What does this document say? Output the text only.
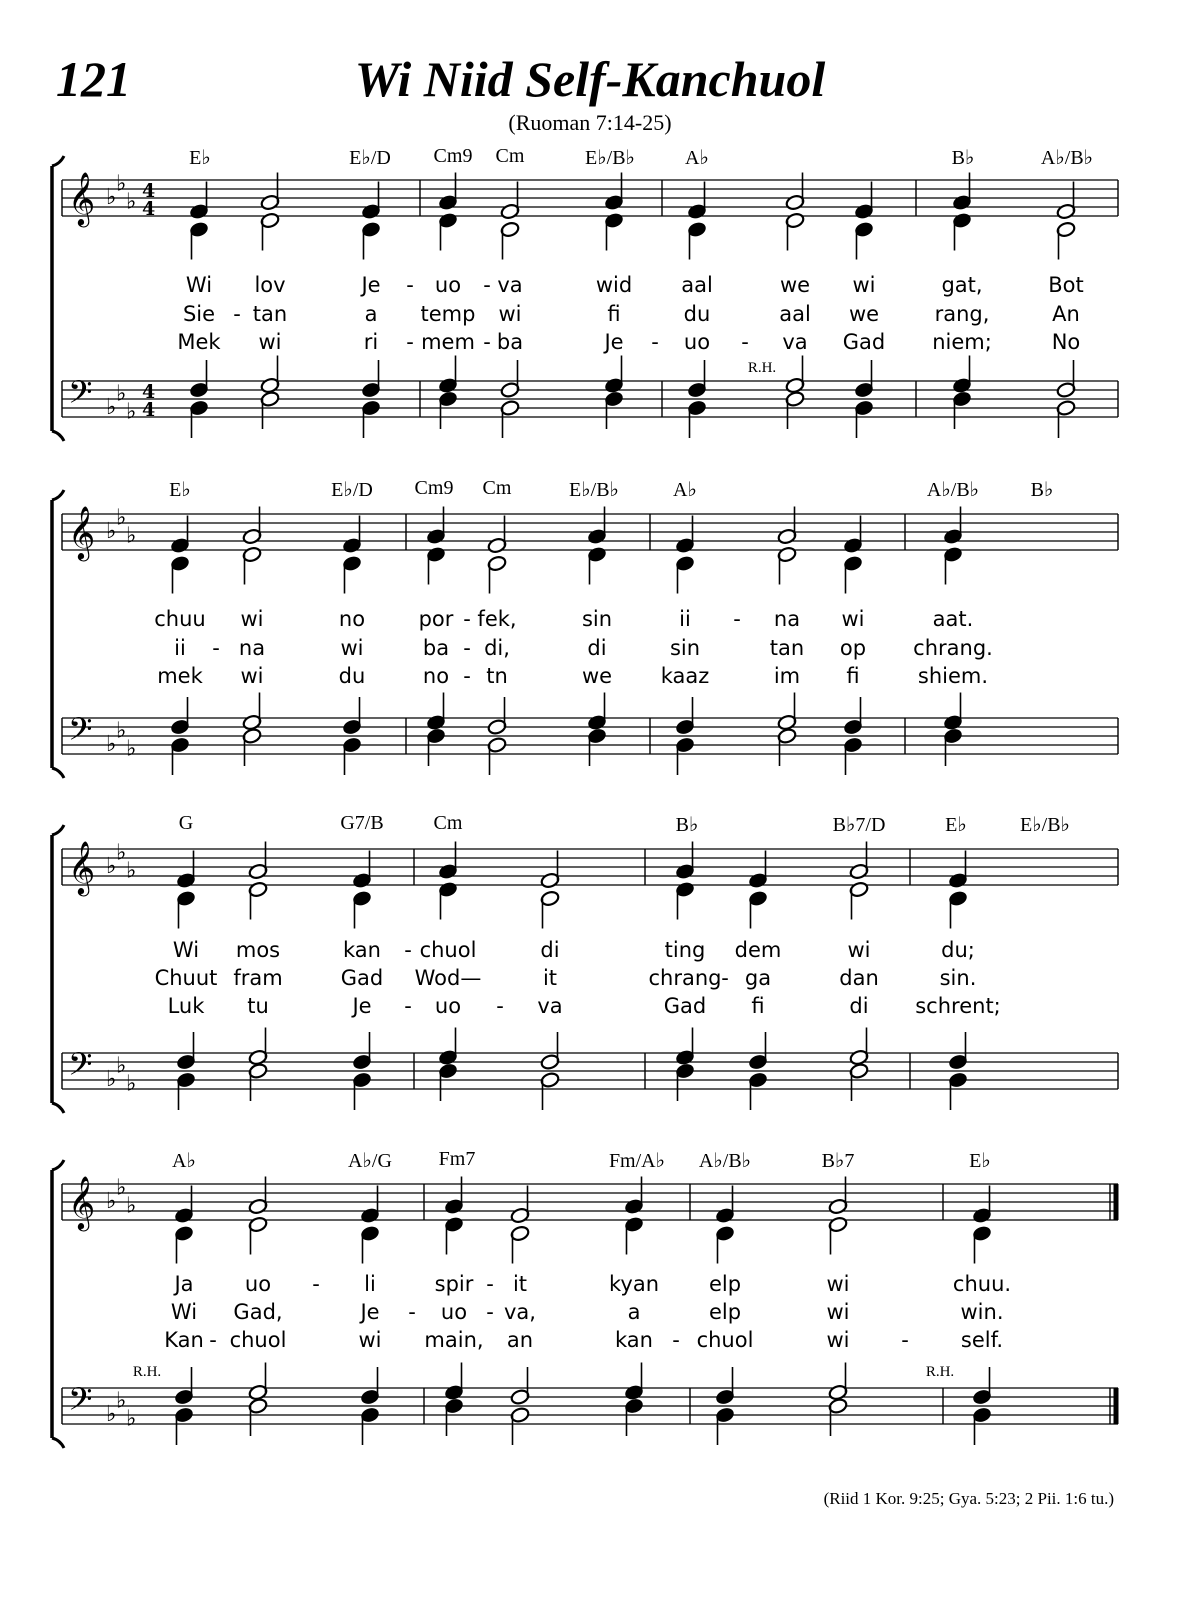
121	Wi Niid Self-Kanchuol
(Ruoman 7:14-25)
𝄞 ♭
♭
♭ 4
4
𝄢 ♭
♭
♭
4
4
𝄞 ♭
♭
♭
𝄢 ♭
♭
♭
𝄞 ♭
♭
♭
𝄢 ♭
♭
♭
𝄞 ♭
♭
♭
𝄢 ♭
♭
♭
E♭	E♭/D Cm9 Cm	E♭/B♭	A♭	B♭	A♭/B♭
R.H.
Wi lov	Je - uo - va	wid aal	we wi	gat,	Bot
Sie - tan	a temp wi	fi	du	aal we	rang,	An
Mek wi	ri - mem - ba	Je - uo - va Gad niem;	No
E♭	E♭/D Cm9 Cm	E♭/B♭	A♭	A♭/B♭	B♭
chuu wi	no	por - fek,	sin	ii - na wi	aat.
ii - na	wi	ba - di,	di	sin	tan op chrang.
mek wi	du	no - tn	we kaaz	im fi	shiem.
G	G7/B Cm	B♭	B♭7/D	E♭	E♭/B♭
Wi mos	kan - chuol	di	ting dem	wi	du;
Chuut fram	Gad Wod—	it	chrang - ga	dan	sin.
Luk tu	Je - uo - va	Gad fi	di schrent;
A♭	A♭/G Fm7	Fm/A♭ A♭/B♭	B♭7	E♭
R.H.	R.H.
Ja uo - li	spir - it	kyan elp	wi	chuu.
Wi Gad,	Je - uo - va,	a	elp	wi	win.
Kan - chuol	wi main, an	kan - chuol	wi - self.
(Riid 1 Kor. 9:25; Gya. 5:23; 2 Pii. 1:6 tu.)
